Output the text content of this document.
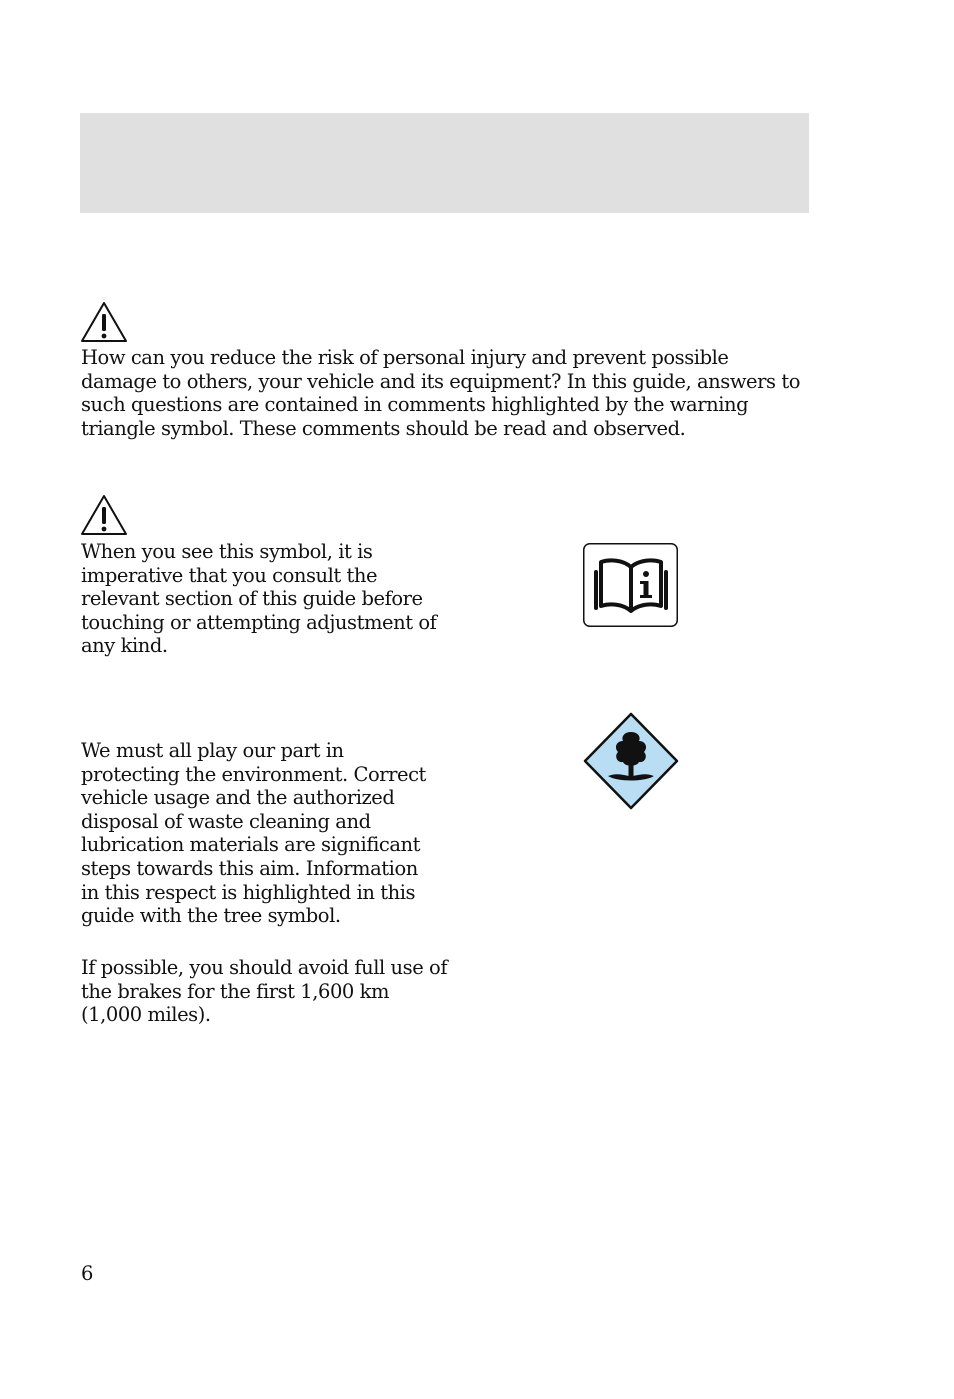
How can you reduce the risk of personal injury and prevent possible damage to others, your vehicle and its equipment? In this guide, answers to such questions are contained in comments highlighted by the warning triangle symbol. These comments should be read and observed.

When you see this symbol, it is imperative that you consult the relevant section of this guide before touching or attempting adjustment of any kind.

We must all play our part in protecting the environment. Correct vehicle usage and the authorized disposal of waste cleaning and lubrication materials are significant steps towards this aim. Information in this respect is highlighted in this guide with the tree symbol.

If possible, you should avoid full use of the brakes for the first 1,600 km (1,000 miles).

6
